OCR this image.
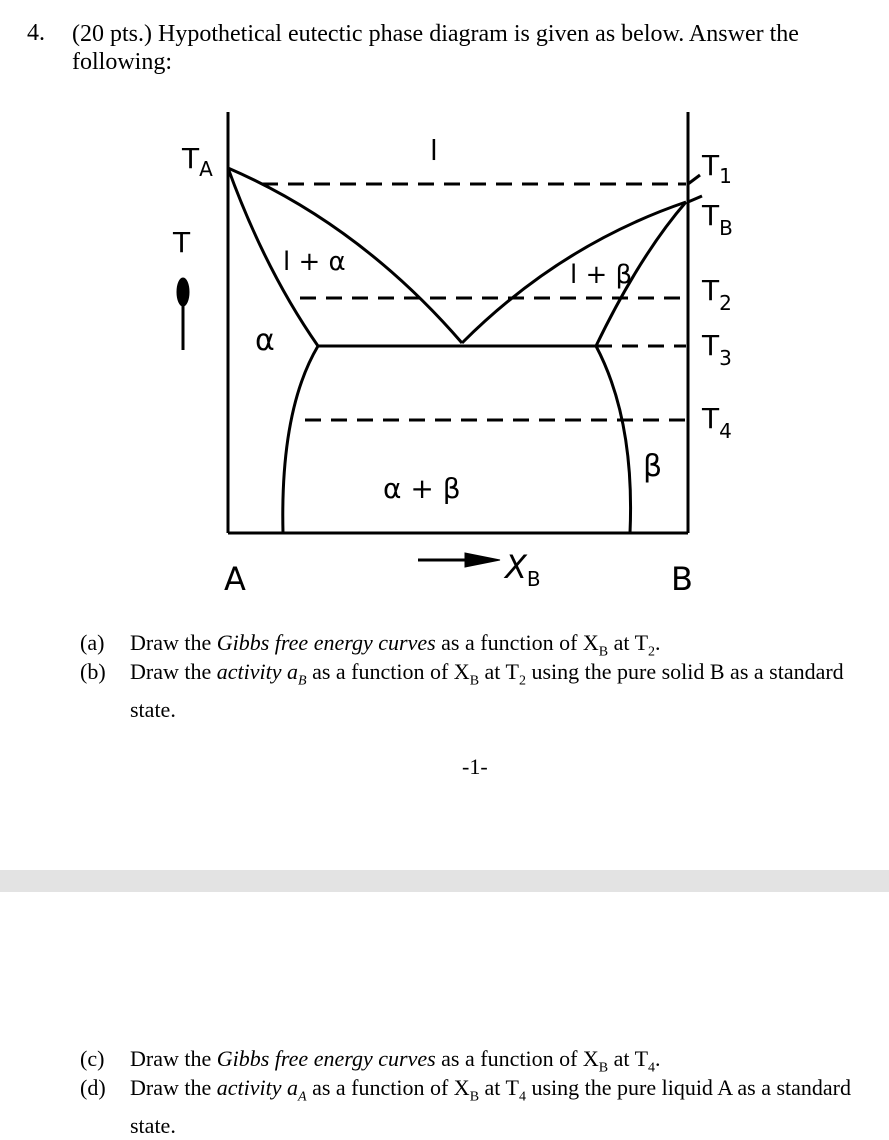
4. (20 pts.) Hypothetical eutectic phase diagram is given as below. Answer the following:
$T_A$
T
l
l + α	l + β
α
β
α + β
$T_1$
$T_B$
$T_2$
$T_3$
$T_4$
A	B
$X_B$
(a) Draw the Gibbs free energy curves as a function of $X_B$ at $T_2$.
(b) Draw the activity $a_B$ as a function of $X_B$ at $T_2$ using the pure solid B as a standard state.
-1-
(c) Draw the Gibbs free energy curves as a function of $X_B$ at $T_4$.
(d) Draw the activity $a_A$ as a function of $X_B$ at $T_4$ using the pure liquid A as a standard state.
